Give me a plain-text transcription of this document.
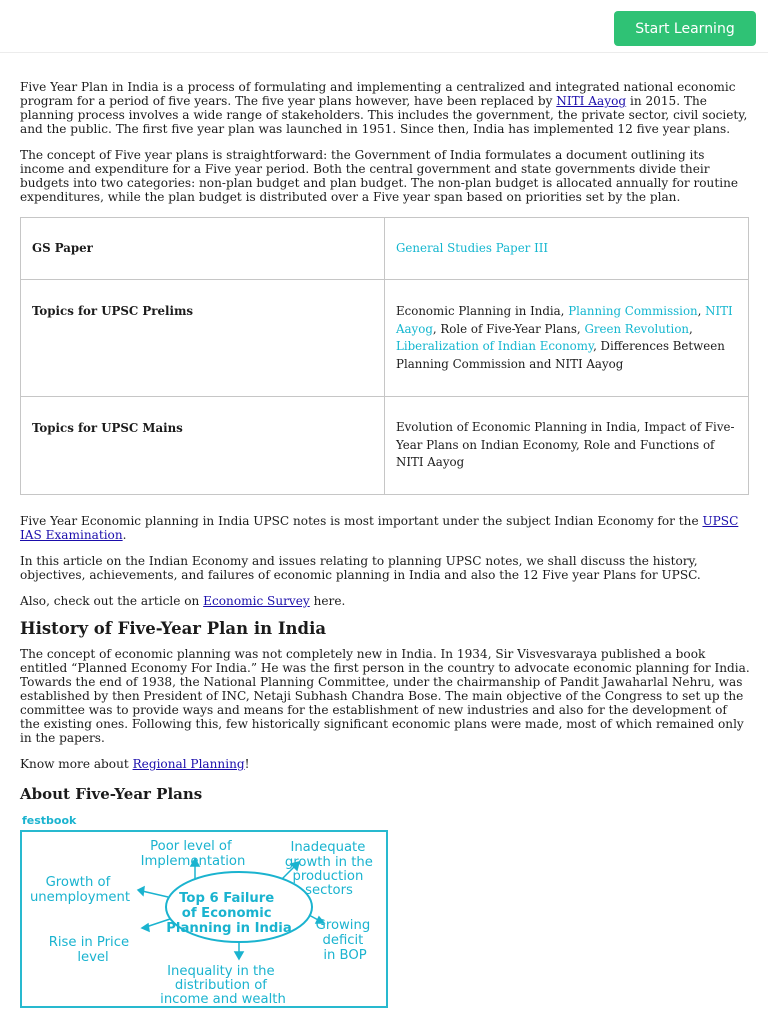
Start Learning

Five Year Plan in India is a process of formulating and implementing a centralized and integrated national economic program for a period of five years. The five year plans however, have been replaced by NITI Aayog in 2015. The planning process involves a wide range of stakeholders. This includes the government, the private sector, civil society, and the public. The first five year plan was launched in 1951. Since then, India has implemented 12 five year plans.

The concept of Five year plans is straightforward: the Government of India formulates a document outlining its income and expenditure for a Five year period. Both the central government and state governments divide their budgets into two categories: non-plan budget and plan budget. The non-plan budget is allocated annually for routine expenditures, while the plan budget is distributed over a Five year span based on priorities set by the plan.

GS Paper	General Studies Paper III
Topics for UPSC Prelims	Economic Planning in India, Planning Commission, NITI Aayog, Role of Five-Year Plans, Green Revolution, Liberalization of Indian Economy, Differences Between Planning Commission and NITI Aayog
Topics for UPSC Mains	Evolution of Economic Planning in India, Impact of Five-Year Plans on Indian Economy, Role and Functions of NITI Aayog

Five Year Economic planning in India UPSC notes is most important under the subject Indian Economy for the UPSC IAS Examination.

In this article on the Indian Economy and issues relating to planning UPSC notes, we shall discuss the history, objectives, achievements, and failures of economic planning in India and also the 12 Five year Plans for UPSC.

Also, check out the article on Economic Survey here.

History of Five-Year Plan in India

The concept of economic planning was not completely new in India. In 1934, Sir Visvesvaraya published a book entitled “Planned Economy For India.” He was the first person in the country to advocate economic planning for India. Towards the end of 1938, the National Planning Committee, under the chairmanship of Pandit Jawaharlal Nehru, was established by then President of INC, Netaji Subhash Chandra Bose. The main objective of the Congress to set up the committee was to provide ways and means for the establishment of new industries and also for the development of the existing ones. Following this, few historically significant economic plans were made, most of which remained only in the papers.

Know more about Regional Planning!

About Five-Year Plans
festbook
Top 6 Failure of Economic Planning in India
Poor level of Implementation
Inadequate growth in the production sectors
Growth of unemployment
Growing deficit in BOP
Rise in Price level
Inequality in the distribution of income and wealth
